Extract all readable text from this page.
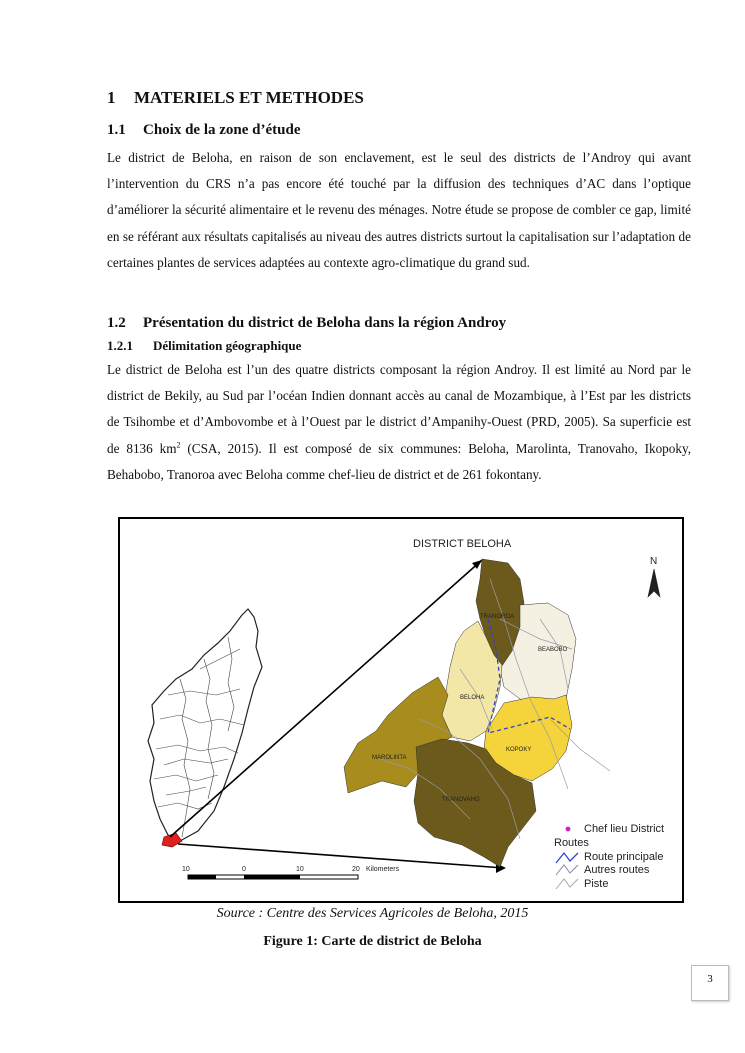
1 MATERIELS ET METHODES
1.1 Choix de la zone d’étude

Le district de Beloha, en raison de son enclavement, est le seul des districts de l’Androy qui avant l’intervention du CRS n’a pas encore été touché par la diffusion des techniques d’AC dans l’optique d’améliorer la sécurité alimentaire et le revenu des ménages. Notre étude se propose de combler ce gap, limité en se référant aux résultats capitalisés au niveau des autres districts surtout la capitalisation sur l’adaptation de certaines plantes de services adaptées au contexte agro-climatique du grand sud.

1.2 Présentation du district de Beloha dans la région Androy
1.2.1 Délimitation géographique

Le district de Beloha est l’un des quatre districts composant la région Androy. Il est limité au Nord par le district de Bekily, au Sud par l’océan Indien donnant accès au canal de Mozambique, à l’Est par les districts de Tsihombe et d’Ambovombe et à l’Ouest par le district d’Ampanihy-Ouest (PRD, 2005). Sa superficie est de 8136 $km^2$ (CSA, 2015). Il est composé de six communes: Beloha, Marolinta, Tranovaho, Ikopoky, Behabobo, Tranoroa avec Beloha comme chef-lieu de district et de 261 fokontany.

DISTRICT BELOHA
N
TRANOROA
BEABOBO
BELOHA
MAROLINTA
KOPOKY
TRANOVAHO
10	0	10	20 Kilometers
Chef lieu District
Routes
Route principale
Autres routes
Piste
Source : Centre des Services Agricoles de Beloha, 2015
Figure 1: Carte de district de Beloha
3
